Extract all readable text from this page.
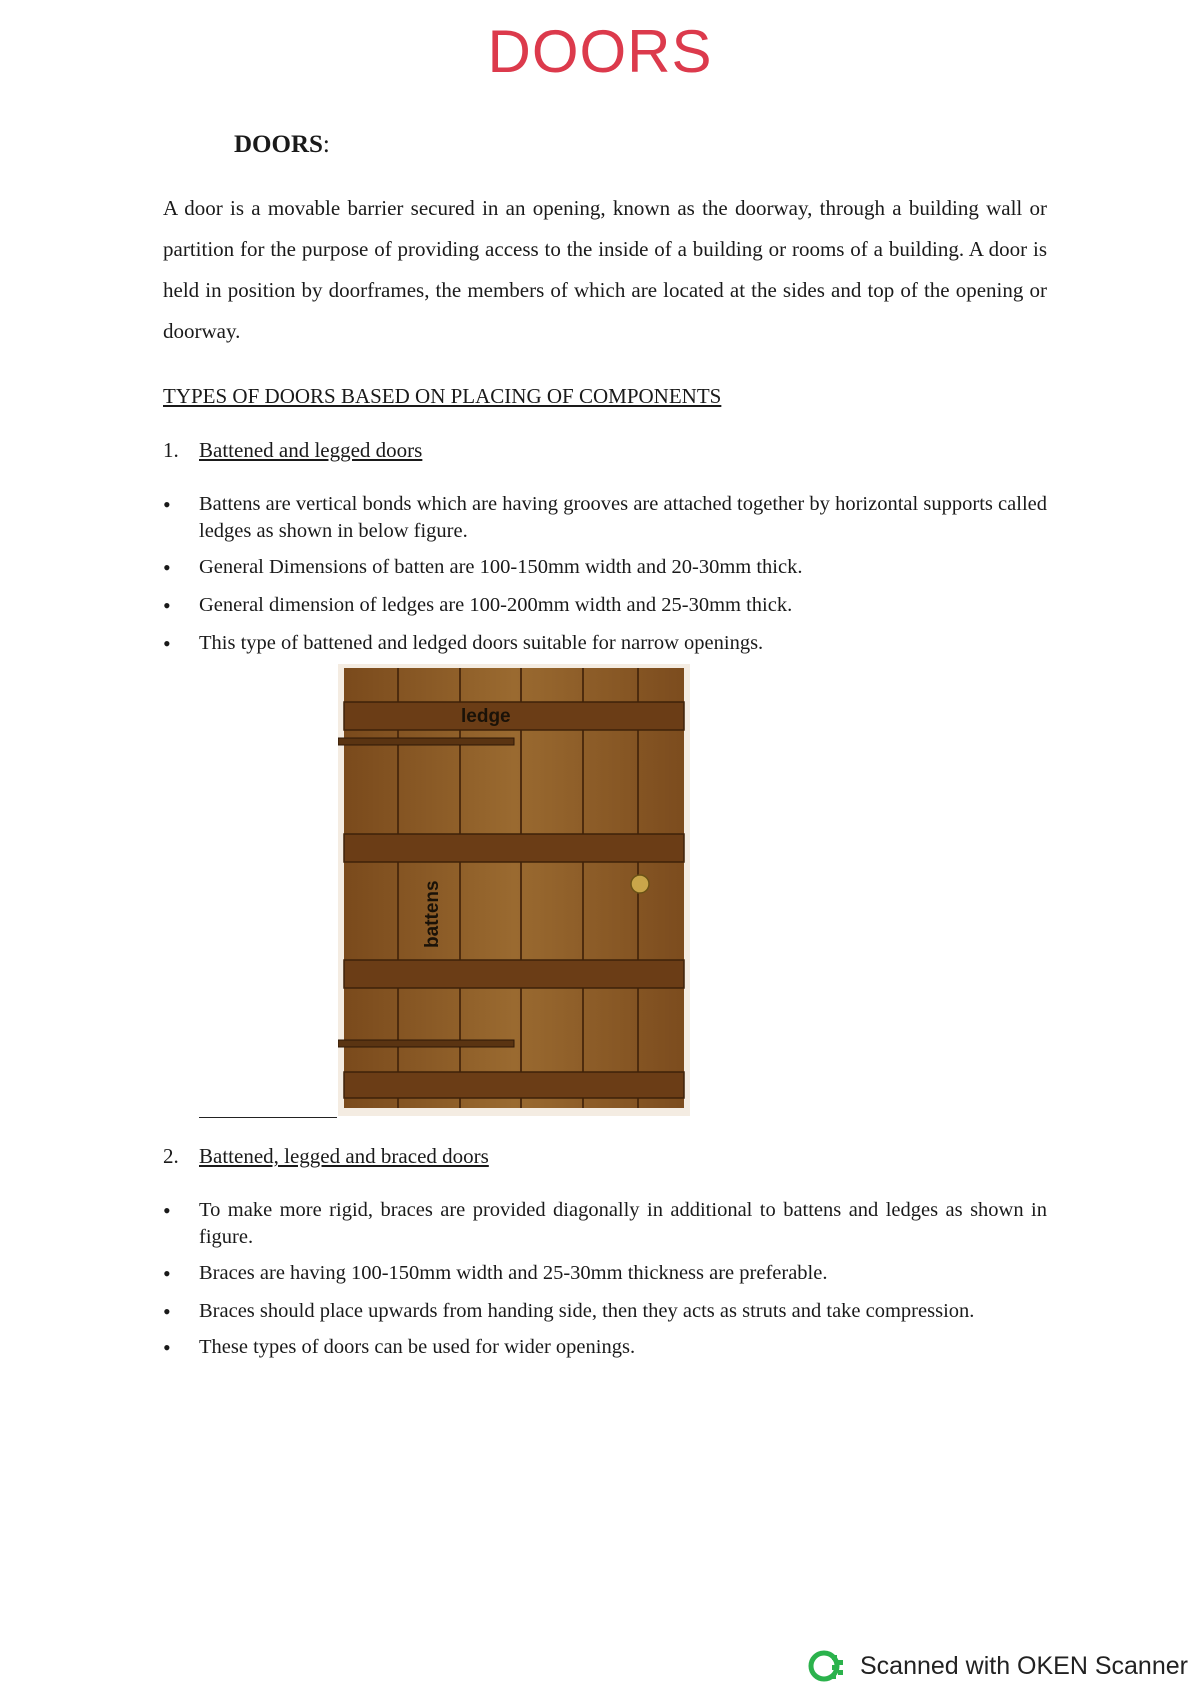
DOORS
DOORS:

A door is a movable barrier secured in an opening, known as the doorway, through a building wall or partition for the purpose of providing access to the inside of a building or rooms of a building. A door is held in position by doorframes, the members of which are located at the sides and top of the opening or doorway.

TYPES OF DOORS BASED ON PLACING OF COMPONENTS
1. Battened and legged doors
• Battens are vertical bonds which are having grooves are attached together by horizontal supports called ledges as shown in below figure.
• General Dimensions of batten are 100-150mm width and 20-30mm thick.
• General dimension of ledges are 100-200mm width and 25-30mm thick.
• This type of battened and ledged doors suitable for narrow openings.
ledge
battens
2. Battened, legged and braced doors
• To make more rigid, braces are provided diagonally in additional to battens and ledges as shown in figure.
• Braces are having 100-150mm width and 25-30mm thickness are preferable.
• Braces should place upwards from handing side, then they acts as struts and take compression.
• These types of doors can be used for wider openings.
Scanned with OKEN Scanner
